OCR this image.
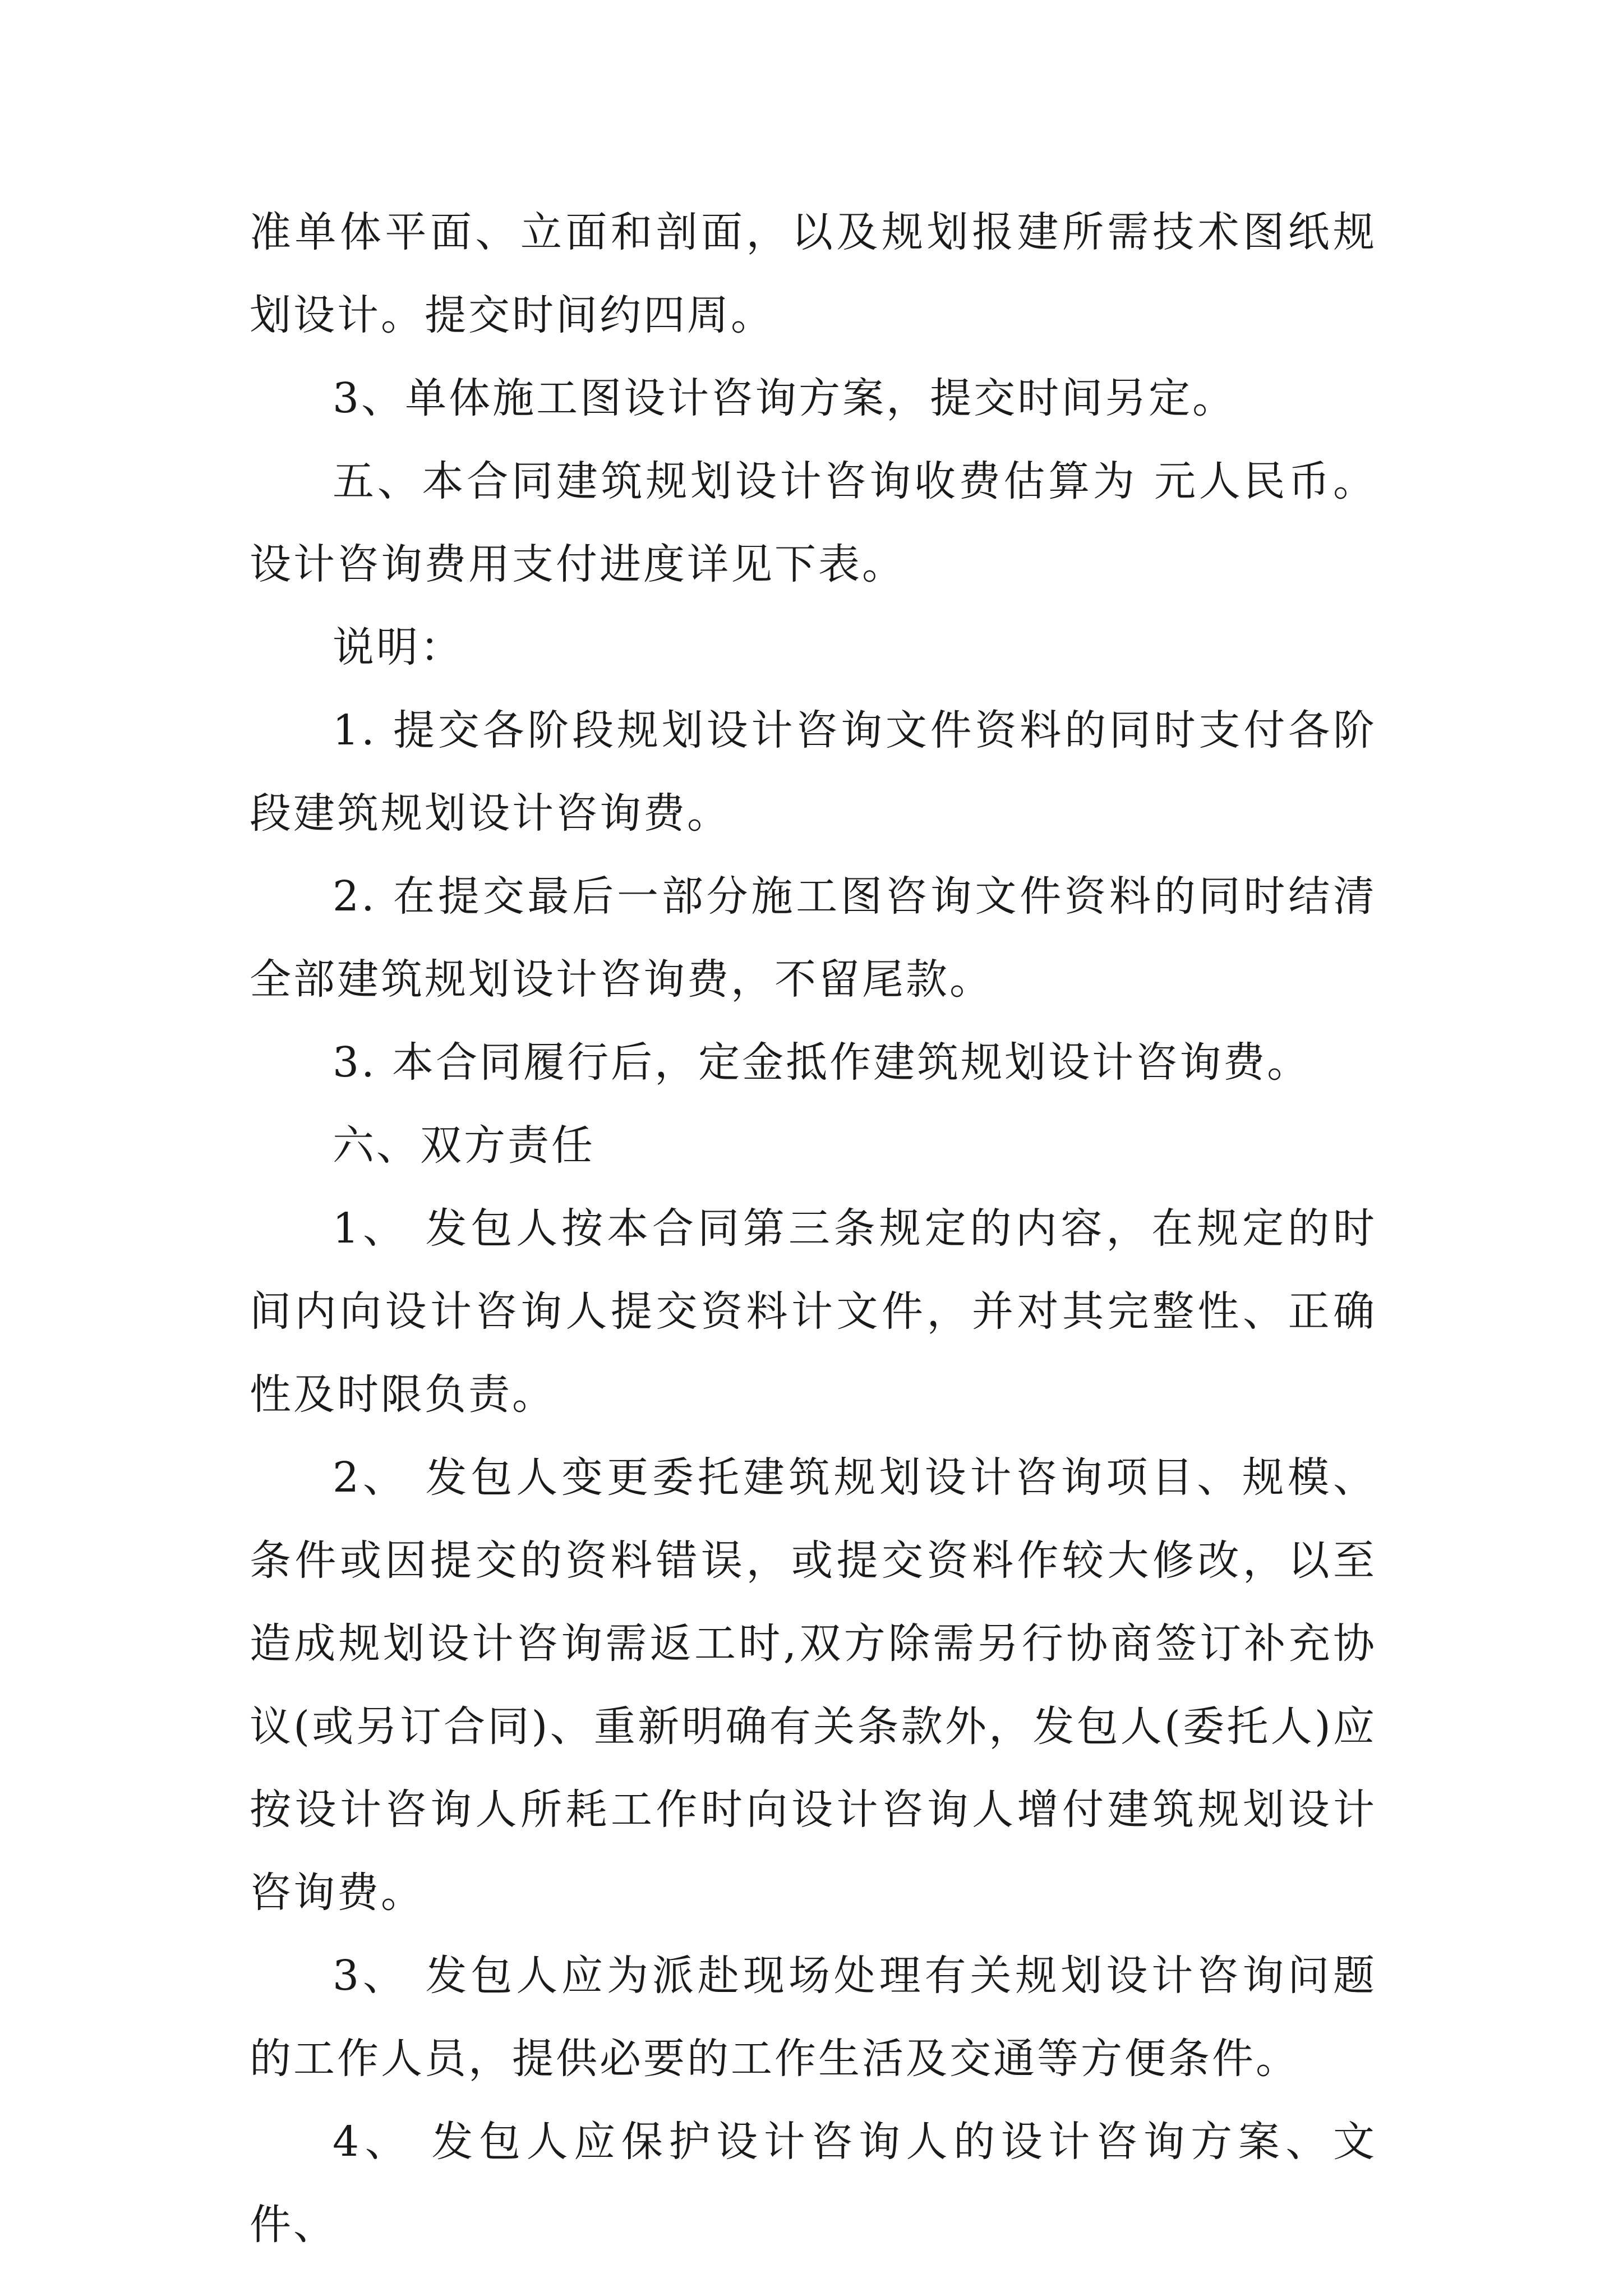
准单体平面、立面和剖面，以及规划报建所需技术图纸规划设计。提交时间约四周。

3、单体施工图设计咨询方案，提交时间另定。

五、本合同建筑规划设计咨询收费估算为 元人民币。设计咨询费用支付进度详见下表。

说明：

1. 提交各阶段规划设计咨询文件资料的同时支付各阶段建筑规划设计咨询费。

2. 在提交最后一部分施工图咨询文件资料的同时结清全部建筑规划设计咨询费，不留尾款。

3. 本合同履行后，定金抵作建筑规划设计咨询费。

六、双方责任

1、 发包人按本合同第三条规定的内容，在规定的时间内向设计咨询人提交资料计文件，并对其完整性、正确性及时限负责。

2、 发包人变更委托建筑规划设计咨询项目、规模、条件或因提交的资料错误，或提交资料作较大修改，以至造成规划设计咨询需返工时,双方除需另行协商签订补充协议(或另订合同)、重新明确有关条款外，发包人(委托人)应按设计咨询人所耗工作时向设计咨询人增付建筑规划设计咨询费。

3、 发包人应为派赴现场处理有关规划设计咨询问题的工作人员，提供必要的工作生活及交通等方便条件。

4、 发包人应保护设计咨询人的设计咨询方案、文件、
